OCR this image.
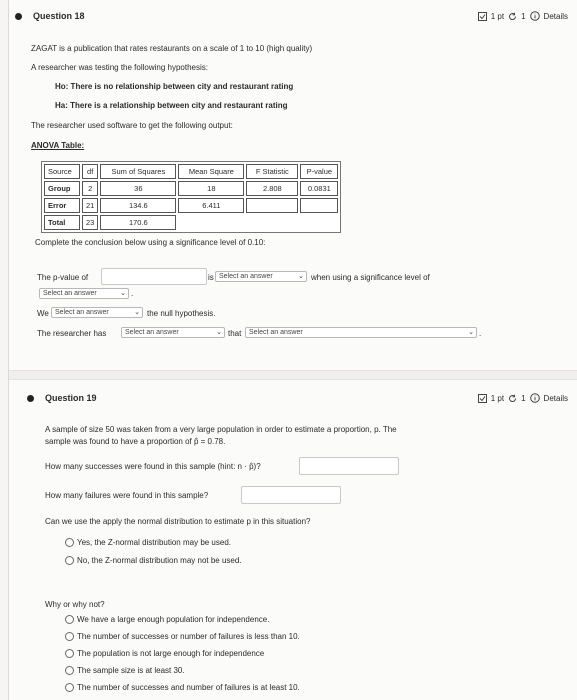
Question 18	1 pt 1 Details
ZAGAT is a publication that rates restaurants on a scale of 1 to 10 (high quality)
A researcher was testing the following hypothesis:
Ho: There is no relationship between city and restaurant rating
Ha: There is a relationship between city and restaurant rating
The researcher used software to get the following output:
ANOVA Table:
Source	df	Sum of Squares	Mean Square	F Statistic	P-value
Group	2	36	18	2.808	0.0831
Error	21	134.6	6.411		
Total	23	170.6			
Complete the conclusion below using a significance level of 0.10:
The p-value of	is Select an answer	⌄ when using a significance level of
Select an answer	⌄ .
We Select an answer	⌄ the null hypothesis.
The researcher has	Select an answer	⌄ that	Select an answer	⌄ .
Question 19	1 pt 1 Details
A sample of size 50 was taken from a very large population in order to estimate a proportion, p. The
sample was found to have a proportion of p̂ = 0.78.
How many successes were found in this sample (hint: n · p̂)?
How many failures were found in this sample?
Can we use the apply the normal distribution to estimate p in this situation?
Yes, the Z-normal distribution may be used.
No, the Z-normal distribution may not be used.
Why or why not?
We have a large enough population for independence.
The number of successes or number of failures is less than 10.
The population is not large enough for independence
The sample size is at least 30.
The number of successes and number of failures is at least 10.
